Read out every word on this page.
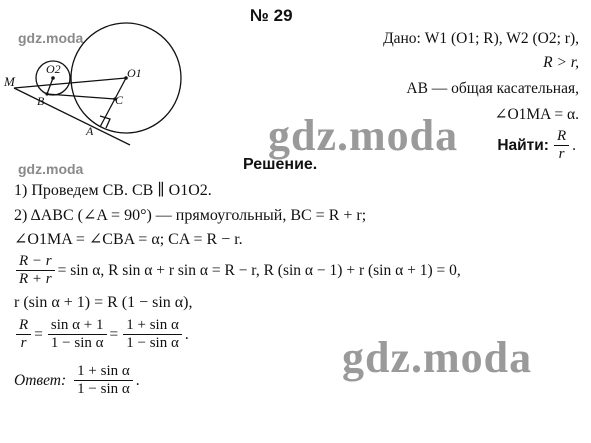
№ 29
gdz.moda
gdz.moda
gdz.moda
gdz.moda
M
O2	O1
B	C
A
Дано: W1 (O1; R), W2 (O2; r),
R > r,
AB — общая касательная,
∠O1MA = α.
Найти: $\frac{R}{r}$ .
Решение.
1) Проведем CB. CB ∥ O1O2.
2) ΔABC (∠A = 90°) — прямоугольный, BC = R + r;
∠O1MA = ∠CBA = α; CA = R − r.
$\frac{R - r}{R + r} = \sin \alpha$, R sin α + r sin α = R − r, R (sin α − 1) + r (sin α + 1) = 0,
r (sin α + 1) = R (1 − sin α),
$\frac{R}{r} = \frac{\text{sin α + 1}}{\text{1 − sin α}} = \frac{\text{1 + sin α}}{\text{1 − sin α}}$ .
Ответ: $\frac{\text{1 + sin α}}{\text{1 − sin α}}$ .
